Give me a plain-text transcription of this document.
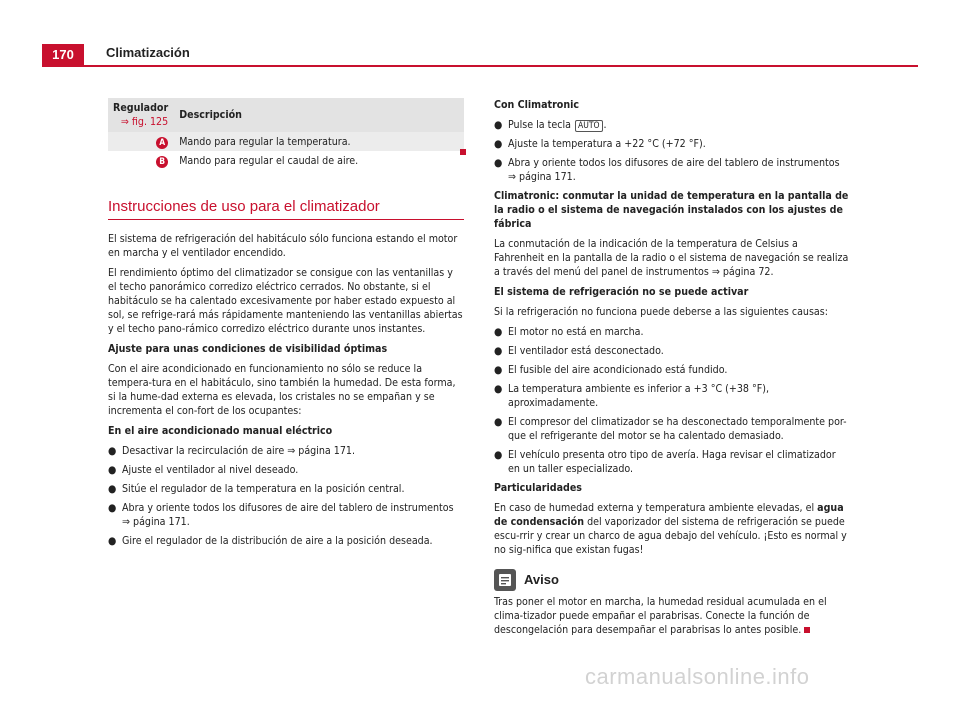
170	Climatización
Regulador
⇒ fig. 125	Descripción
A	Mando para regular la temperatura.
B	Mando para regular el caudal de aire.
Instrucciones de uso para el climatizador

El sistema de refrigeración del habitáculo sólo funciona estando el motor en marcha y el ventilador encendido.

El rendimiento óptimo del climatizador se consigue con las ventanillas y el techo panorámico corredizo eléctrico cerrados. No obstante, si el habitáculo se ha calentado excesivamente por haber estado expuesto al sol, se refrige-rará más rápidamente manteniendo las ventanillas abiertas y el techo pano-rámico corredizo eléctrico durante unos instantes.

Ajuste para unas condiciones de visibilidad óptimas

Con el aire acondicionado en funcionamiento no sólo se reduce la tempera-tura en el habitáculo, sino también la humedad. De esta forma, si la hume-dad externa es elevada, los cristales no se empañan y se incrementa el con-fort de los ocupantes:

En el aire acondicionado manual eléctrico

● Desactivar la recirculación de aire ⇒ página 171.
● Ajuste el ventilador al nivel deseado.
● Sitúe el regulador de la temperatura en la posición central.
● Abra y oriente todos los difusores de aire del tablero de instrumentos ⇒ página 171.
● Gire el regulador de la distribución de aire a la posición deseada.

Con Climatronic

● Pulse la tecla AUTO .
● Ajuste la temperatura a +22 °C (+72 °F).
● Abra y oriente todos los difusores de aire del tablero de instrumentos ⇒ página 171.

Climatronic: conmutar la unidad de temperatura en la pantalla de la radio o el sistema de navegación instalados con los ajustes de fábrica

La conmutación de la indicación de la temperatura de Celsius a Fahrenheit en la pantalla de la radio o el sistema de navegación se realiza a través del menú del panel de instrumentos ⇒ página 72.

El sistema de refrigeración no se puede activar

Si la refrigeración no funciona puede deberse a las siguientes causas:

● El motor no está en marcha.
● El ventilador está desconectado.
● El fusible del aire acondicionado está fundido.
● La temperatura ambiente es inferior a +3 °C (+38 °F), aproximadamente.
● El compresor del climatizador se ha desconectado temporalmente por-que el refrigerante del motor se ha calentado demasiado.
● El vehículo presenta otro tipo de avería. Haga revisar el climatizador en un taller especializado.

Particularidades

En caso de humedad externa y temperatura ambiente elevadas, el agua de condensación del vaporizador del sistema de refrigeración se puede escu-rrir y crear un charco de agua debajo del vehículo. ¡Esto es normal y no sig-nifica que existan fugas!

Aviso

Tras poner el motor en marcha, la humedad residual acumulada en el clima-tizador puede empañar el parabrisas. Conecte la función de descongelación para desempañar el parabrisas lo antes posible.

carmanualsonline.info
